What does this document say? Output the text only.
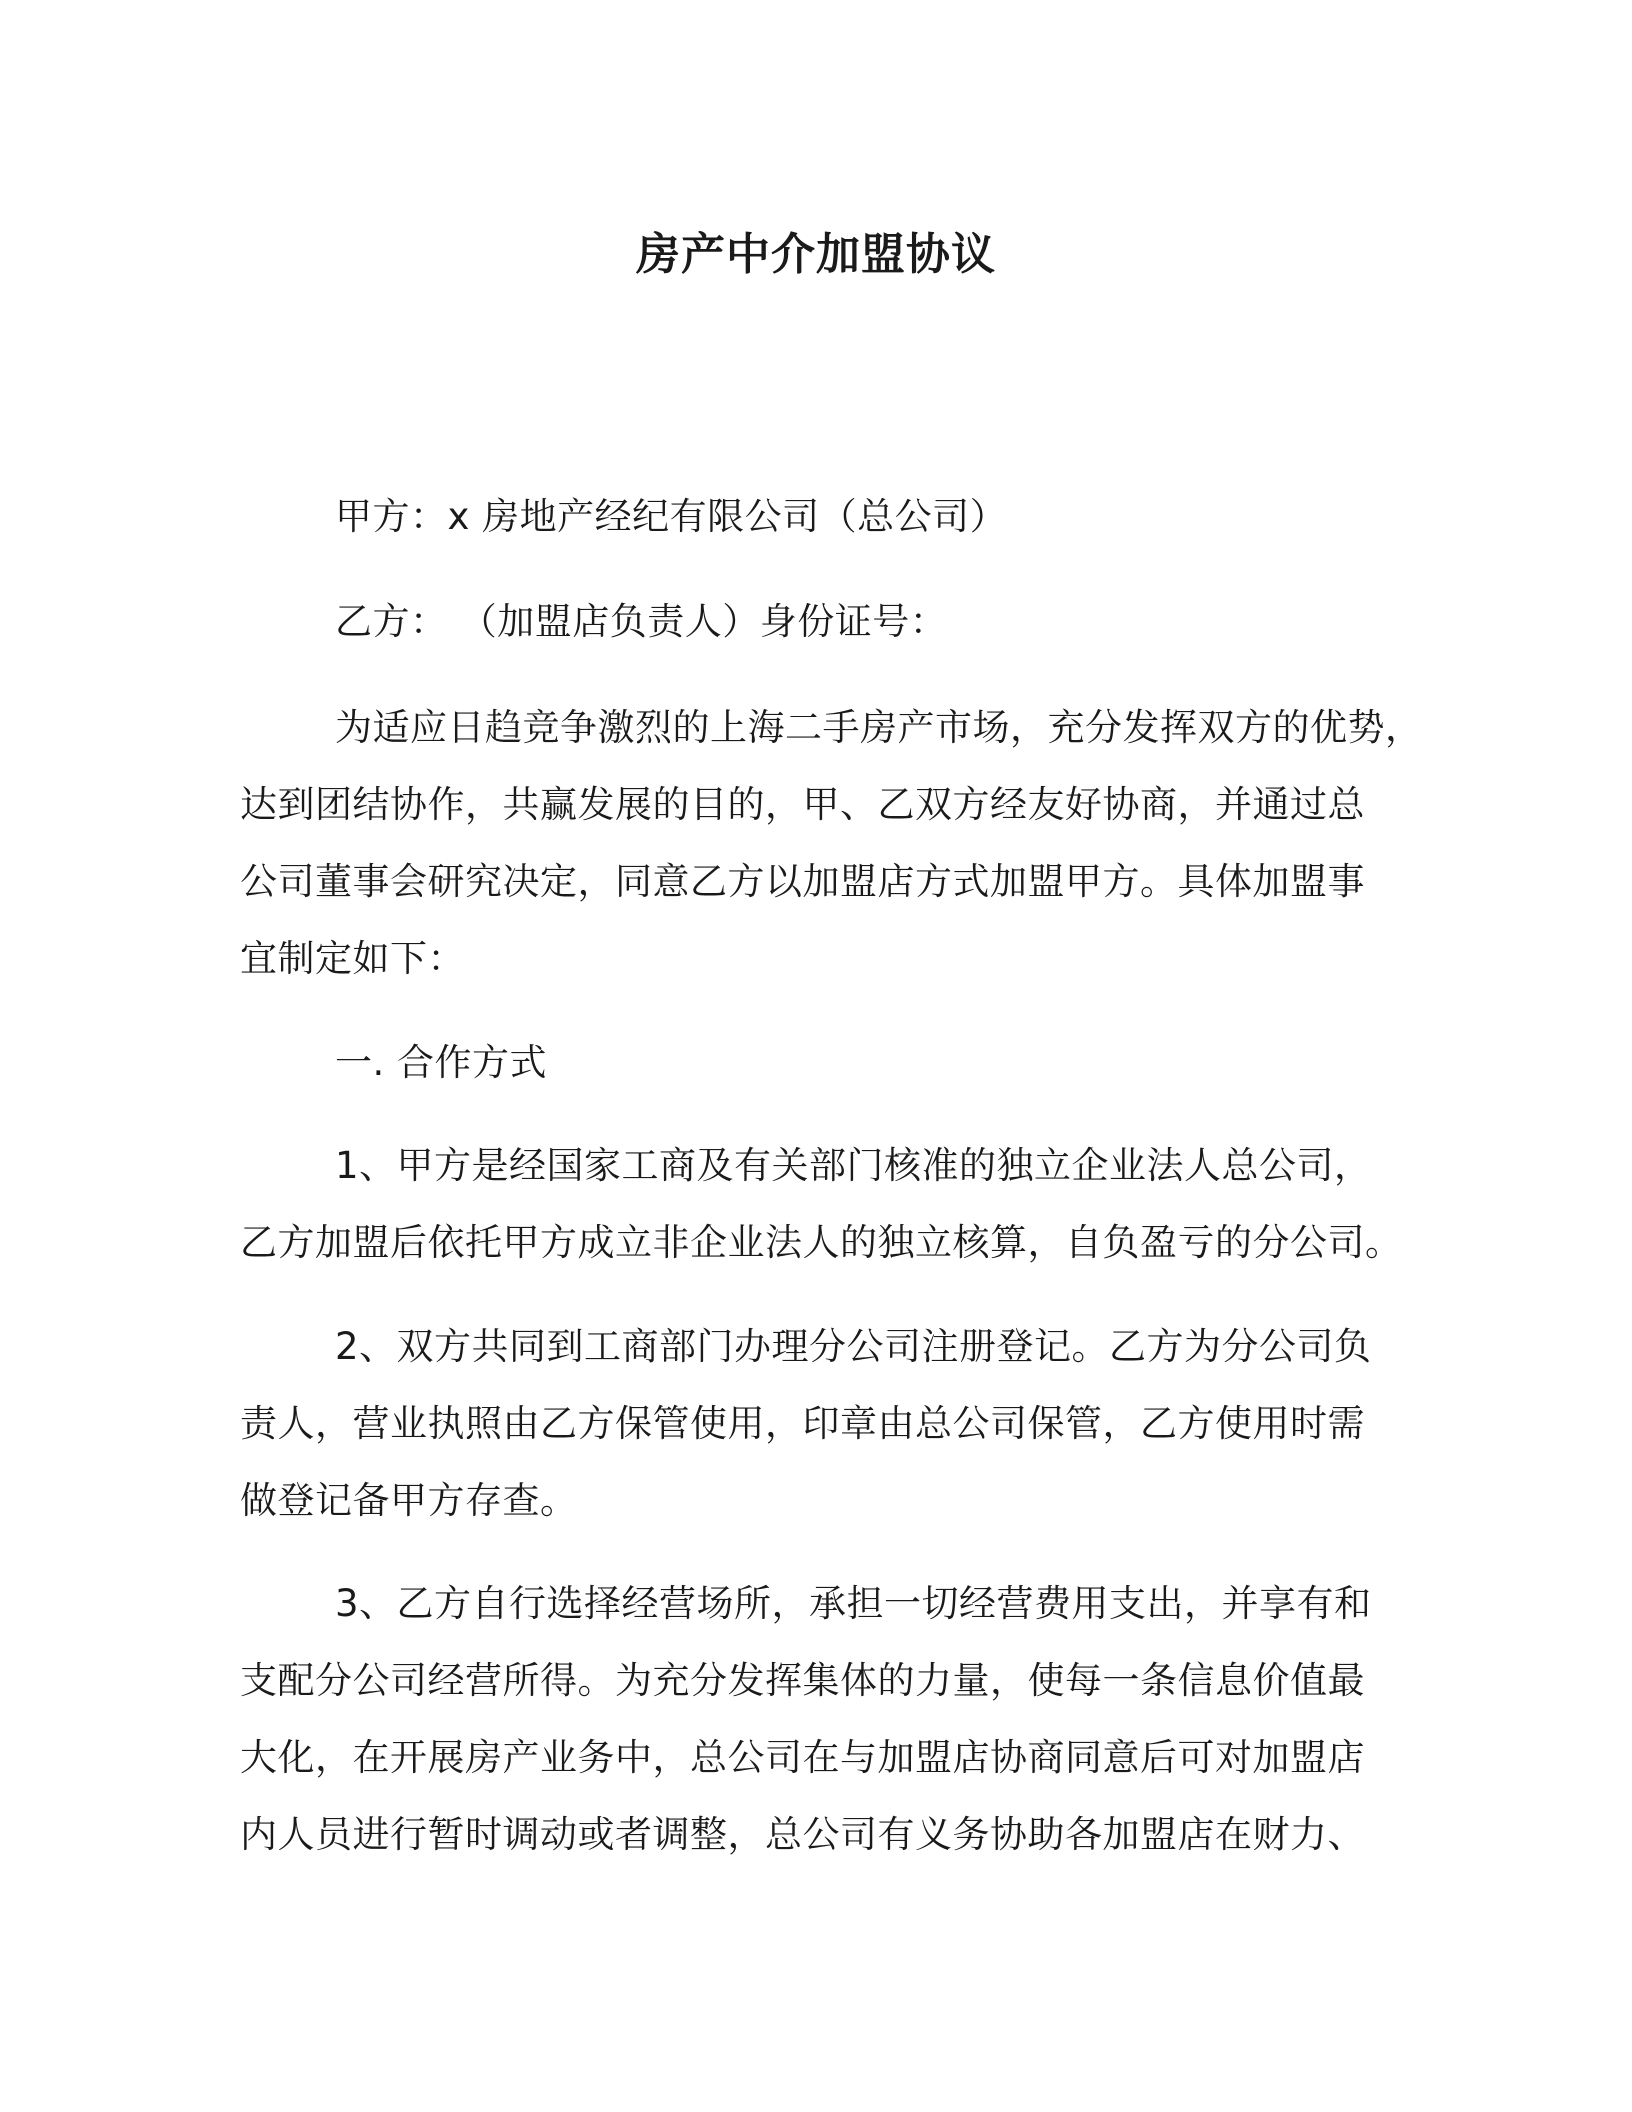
房产中介加盟协议
甲方：x 房地产经纪有限公司（总公司）
乙方： （加盟店负责人）身份证号：
为适应日趋竞争激烈的上海二手房产市场，充分发挥双方的优势，
达到团结协作，共赢发展的目的，甲、乙双方经友好协商，并通过总
公司董事会研究决定，同意乙方以加盟店方式加盟甲方。具体加盟事
宜制定如下：
一. 合作方式
1、甲方是经国家工商及有关部门核准的独立企业法人总公司，
乙方加盟后依托甲方成立非企业法人的独立核算，自负盈亏的分公司。
2、双方共同到工商部门办理分公司注册登记。乙方为分公司负
责人，营业执照由乙方保管使用，印章由总公司保管，乙方使用时需
做登记备甲方存查。
3、乙方自行选择经营场所，承担一切经营费用支出，并享有和
支配分公司经营所得。为充分发挥集体的力量，使每一条信息价值最
大化，在开展房产业务中，总公司在与加盟店协商同意后可对加盟店
内人员进行暂时调动或者调整，总公司有义务协助各加盟店在财力、
